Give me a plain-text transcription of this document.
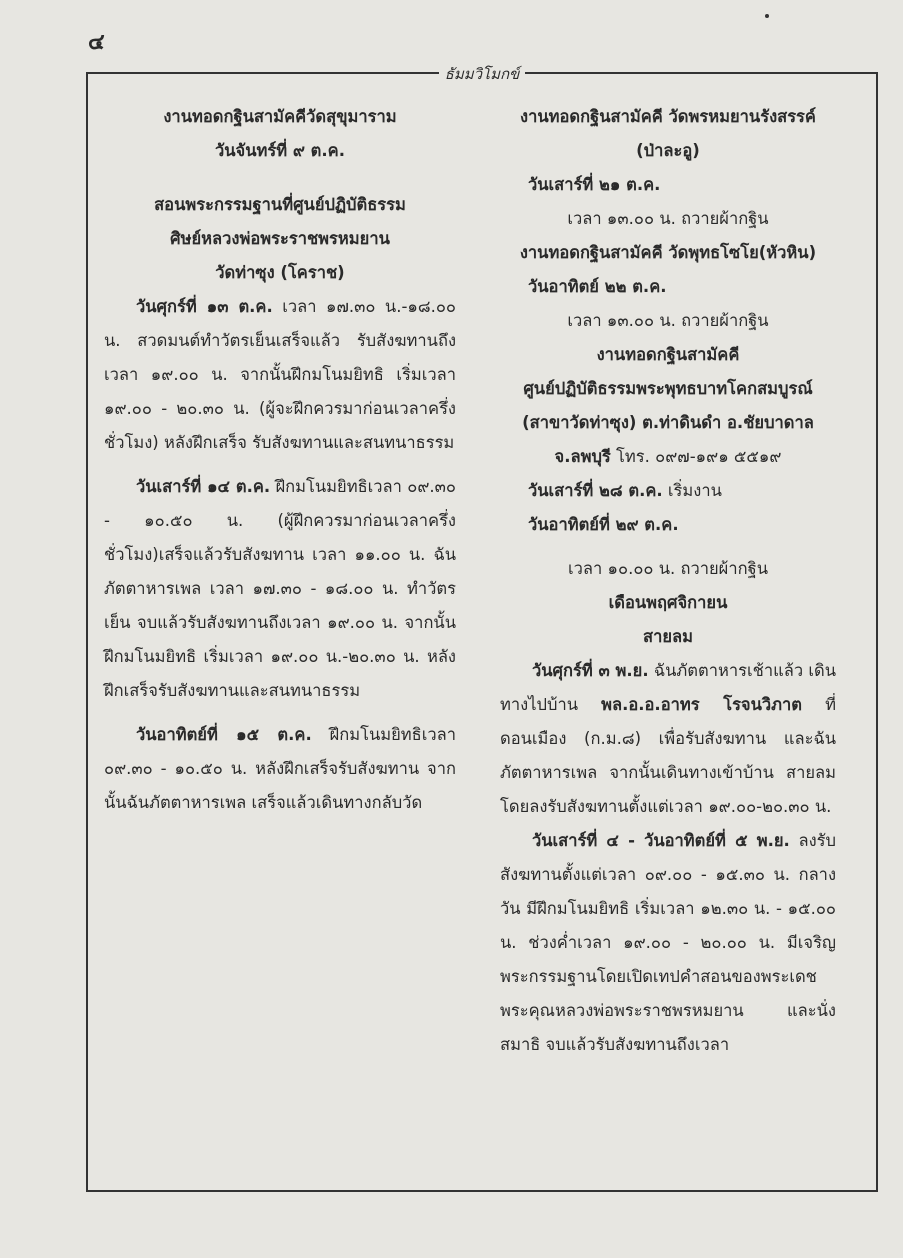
๔
ธัมมวิโมกข์

งานทอดกฐินสามัคคีวัดสุขุมาราม

วันจันทร์ที่ ๙ ต.ค.

สอนพระกรรมฐานที่ศูนย์ปฏิบัติธรรม

ศิษย์หลวงพ่อพระราชพรหมยาน

วัดท่าซุง (โคราช)

วันศุกร์ที่ ๑๓ ต.ค. เวลา ๑๗.๓๐ น.-๑๘.๐๐ น. สวดมนต์ทำวัตรเย็นเสร็จแล้ว รับสังฆทานถึงเวลา ๑๙.๐๐ น. จากนั้นฝึกมโนมยิทธิ เริ่มเวลา ๑๙.๐๐ - ๒๐.๓๐ น. (ผู้จะฝึกควรมาก่อนเวลาครึ่งชั่วโมง) หลังฝึกเสร็จ รับสังฆทานและสนทนาธรรม

วันเสาร์ที่ ๑๔ ต.ค. ฝึกมโนมยิทธิเวลา ๐๙.๓๐ - ๑๐.๕๐ น. (ผู้ฝึกควรมาก่อนเวลาครึ่งชั่วโมง)เสร็จแล้วรับสังฆทาน เวลา ๑๑.๐๐ น. ฉันภัตตาหารเพล เวลา ๑๗.๓๐ - ๑๘.๐๐ น. ทำวัตรเย็น จบแล้วรับสังฆทานถึงเวลา ๑๙.๐๐ น. จากนั้นฝึกมโนมยิทธิ เริ่มเวลา ๑๙.๐๐ น.-๒๐.๓๐ น. หลังฝึกเสร็จรับสังฆทานและสนทนาธรรม

วันอาทิตย์ที่ ๑๕ ต.ค. ฝึกมโนมยิทธิเวลา ๐๙.๓๐ - ๑๐.๕๐ น. หลังฝึกเสร็จรับสังฆทาน จากนั้นฉันภัตตาหารเพล เสร็จแล้วเดินทางกลับวัด

งานทอดกฐินสามัคคี วัดพรหมยานรังสรรค์

(ป่าละอู)

วันเสาร์ที่ ๒๑ ต.ค.

เวลา ๑๓.๐๐ น. ถวายผ้ากฐิน

งานทอดกฐินสามัคคี วัดพุทธโซโย(หัวหิน)

วันอาทิตย์ ๒๒ ต.ค.

เวลา ๑๓.๐๐ น. ถวายผ้ากฐิน

งานทอดกฐินสามัคคี

ศูนย์ปฏิบัติธรรมพระพุทธบาทโคกสมบูรณ์

(สาขาวัดท่าซุง) ต.ท่าดินดำ อ.ชัยบาดาล

จ.ลพบุรี โทร. ๐๙๗-๑๙๑ ๕๕๑๙

วันเสาร์ที่ ๒๘ ต.ค. เริ่มงาน

วันอาทิตย์ที่ ๒๙ ต.ค.

เวลา ๑๐.๐๐ น. ถวายผ้ากฐิน

เดือนพฤศจิกายน

สายลม

วันศุกร์ที่ ๓ พ.ย. ฉันภัตตาหารเช้าแล้ว เดินทางไปบ้าน พล.อ.อ.อาทร โรจนวิภาต ที่ดอนเมือง (ก.ม.๘) เพื่อรับสังฆทาน และฉันภัตตาหารเพล จากนั้นเดินทางเข้าบ้าน สายลม โดยลงรับสังฆทานตั้งแต่เวลา ๑๙.๐๐-๒๐.๓๐ น.

วันเสาร์ที่ ๔ - วันอาทิตย์ที่ ๕ พ.ย. ลงรับสังฆทานตั้งแต่เวลา ๐๙.๐๐ - ๑๕.๓๐ น. กลางวัน มีฝึกมโนมยิทธิ เริ่มเวลา ๑๒.๓๐ น. - ๑๕.๐๐ น. ช่วงค่ำเวลา ๑๙.๐๐ - ๒๐.๐๐ น. มีเจริญพระกรรมฐานโดยเปิดเทปคำสอนของพระเดชพระคุณหลวงพ่อพระราชพรหมยาน และนั่งสมาธิ จบแล้วรับสังฆทานถึงเวลา
